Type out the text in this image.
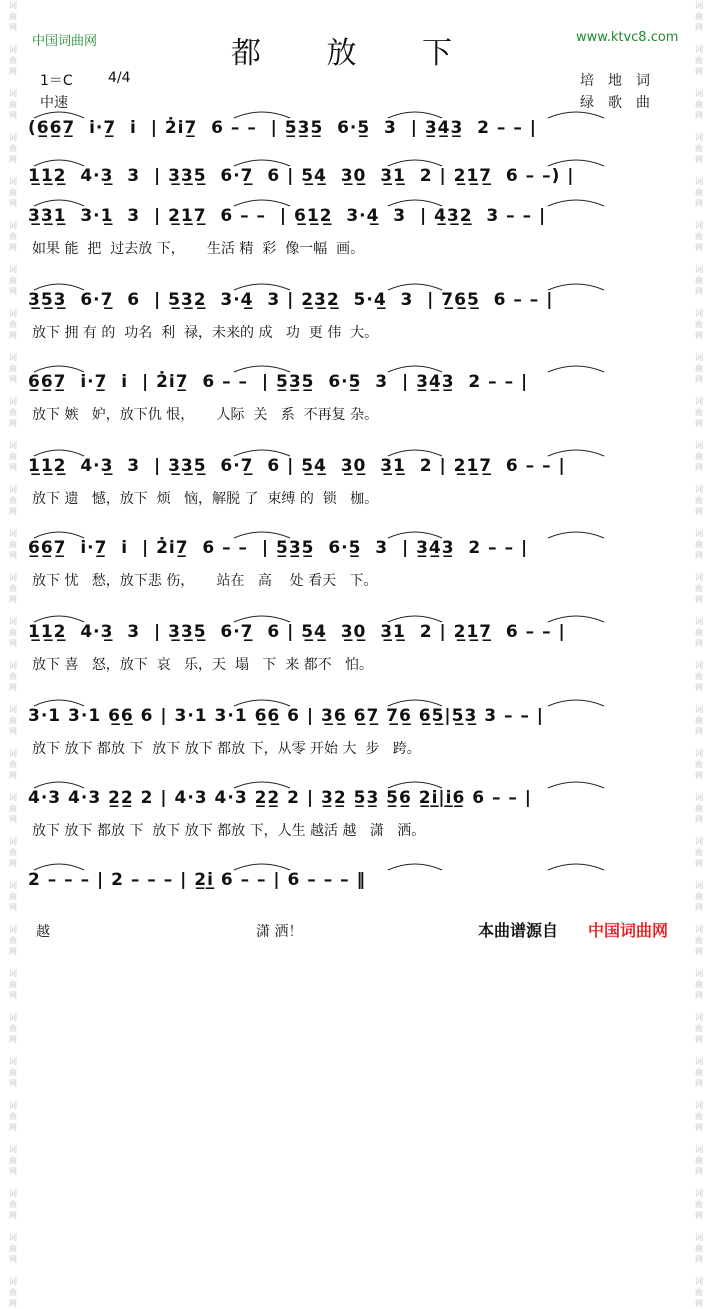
中国词曲网	都 放 下	www.ktvc8.com
1＝C	4/4
中速
培　地　词
绿　歌　曲
词
曲
网

词
曲
网

词
曲
网

词
曲
网

词
曲
网

词
曲
网

词
曲
网

词
曲
网

词
曲
网

词
曲
网

词
曲
网

词
曲
网

词
曲
网

词
曲
网

词
曲
网

词
曲
网

词
曲
网

词
曲
网

词
曲
网

词
曲
网

词
曲
网

词
曲
网

词
曲
网

词
曲
网

词
曲
网

词
曲
网

词
曲
网

词
曲
网

词
曲
网

词
曲
网

词
曲
网

词
曲
网

词
曲
网

词
曲
网

词
曲
网

词
曲
网

词
曲
网

词
曲
网

词
曲
网

词
曲
网

词
曲
网

词
曲
网

词
曲
网

词
曲
网

词
曲
网

词
曲
网

词
曲
网

词
曲
网

词
曲
网

词
曲
网

词
曲
网

词
曲
网

词
曲
网

词
曲
网

词
曲
网

词
曲
网

词
曲
网

词
曲
网

词
曲
网

词
曲
网

(6̲6̲7̲  i·7̲  i  | 2̇i̇7̲  6 – –  | 5̲3̲5̲  6·5̲  3  | 3̲4̲3̲  2 – – |
1̲1̲2̲  4·3̲  3  | 3̲3̲5̲  6·7̲  6 | 5̲4̲  3̲0̲  3̲1̲  2 | 2̲1̲7̲  6 – –) |
3̲3̲1̲  3·1̲  3  | 2̲1̲7̲  6 – –  | 6̲1̲2̲  3·4̲  3  | 4̲3̲2̲  3 – – |
如果 能  把  过去放 下，     生活 精  彩  像一幅  画。
3̲5̲3̲  6·7̲  6  | 5̲3̲2̲  3·4̲  3 | 2̲3̲2̲  5·4̲  3  | 7̲6̲5̲  6 – – |
放下 拥 有 的  功名  利  禄，未来的 成   功  更 伟  大。
6̲6̲7̲  i·7̲  i  | 2̇i̇7̲  6 – –  | 5̲3̲5̲  6·5̲  3  | 3̲4̲3̲  2 – – |
放下 嫉   妒，放下仇 恨，     人际  关   系  不再复 杂。
1̲1̲2̲  4·3̲  3  | 3̲3̲5̲  6·7̲  6 | 5̲4̲  3̲0̲  3̲1̲  2 | 2̲1̲7̲  6 – – |
放下 遗   憾，放下  烦   恼，解脱 了  束缚 的  锁   枷。
6̲6̲7̲  i·7̲  i  | 2̇i̇7̲  6 – –  | 5̲3̲5̲  6·5̲  3  | 3̲4̲3̲  2 – – |
放下 忧   愁，放下悲 伤，     站在   高    处 看天   下。
1̲1̲2̲  4·3̲  3  | 3̲3̲5̲  6·7̲  6 | 5̲4̲  3̲0̲  3̲1̲  2 | 2̲1̲7̲  6 – – |
放下 喜   怒，放下  哀   乐，天  塌   下  来 都不   怕。
3·1 3·1 6̲6̲ 6 | 3·1 3·1 6̲6̲ 6 | 3̲6̲ 6̲7̲ 7̲6̲ 6̲5̲|5̲3̲ 3 – – |
放下 放下 都放 下  放下 放下 都放 下，从零 开始 大  步   跨。
4·3 4·3 2̲2̲ 2 | 4·3 4·3 2̲2̲ 2 | 3̲2̲ 5̲3̲ 5̲6̲ 2̲i̲|i̲6̲ 6 – – |
放下 放下 都放 下  放下 放下 都放 下，人生 越活 越   潇   洒。
2 – – – | 2 – – – | 2̲i̲ 6 – – | 6 – – – ‖
越	潇 洒！	本曲谱源自 中国词曲网
